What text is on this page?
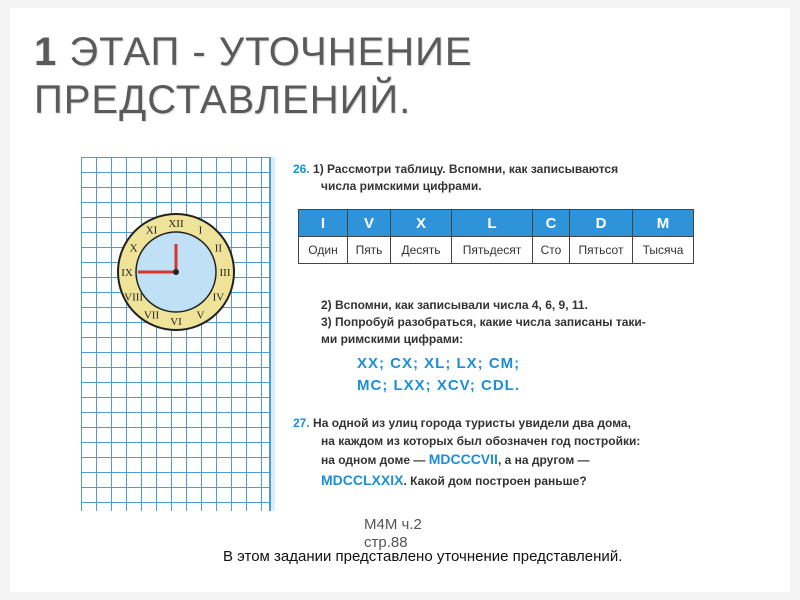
1 ЭТАП - УТОЧНЕНИЕ ПРЕДСТАВЛЕНИЙ.
XII
I
II
III
IV
V
VI
VII
VIII
IX
X
XI
26. 1) Рассмотри таблицу. Вспомни, как записываются
числа римскими цифрами.
I	V	X	L	C	D	M
Один	Пять	Десять	Пятьдесят	Сто	Пятьсот	Тысяча
2) Вспомни, как записывали числа 4, 6, 9, 11.
3) Попробуй разобраться, какие числа записаны таки-
ми римскими цифрами:
XX; CX; XL; LX; CM;
MC; LXX; XCV; CDL.
27. На одной из улиц города туристы увидели два дома,
на каждом из которых был обозначен год постройки:
на одном доме — MDCCCVII, а на другом —
MDCCLXXIX. Какой дом построен раньше?
М4М ч.2 стр.88
В этом задании представлено уточнение представлений.
